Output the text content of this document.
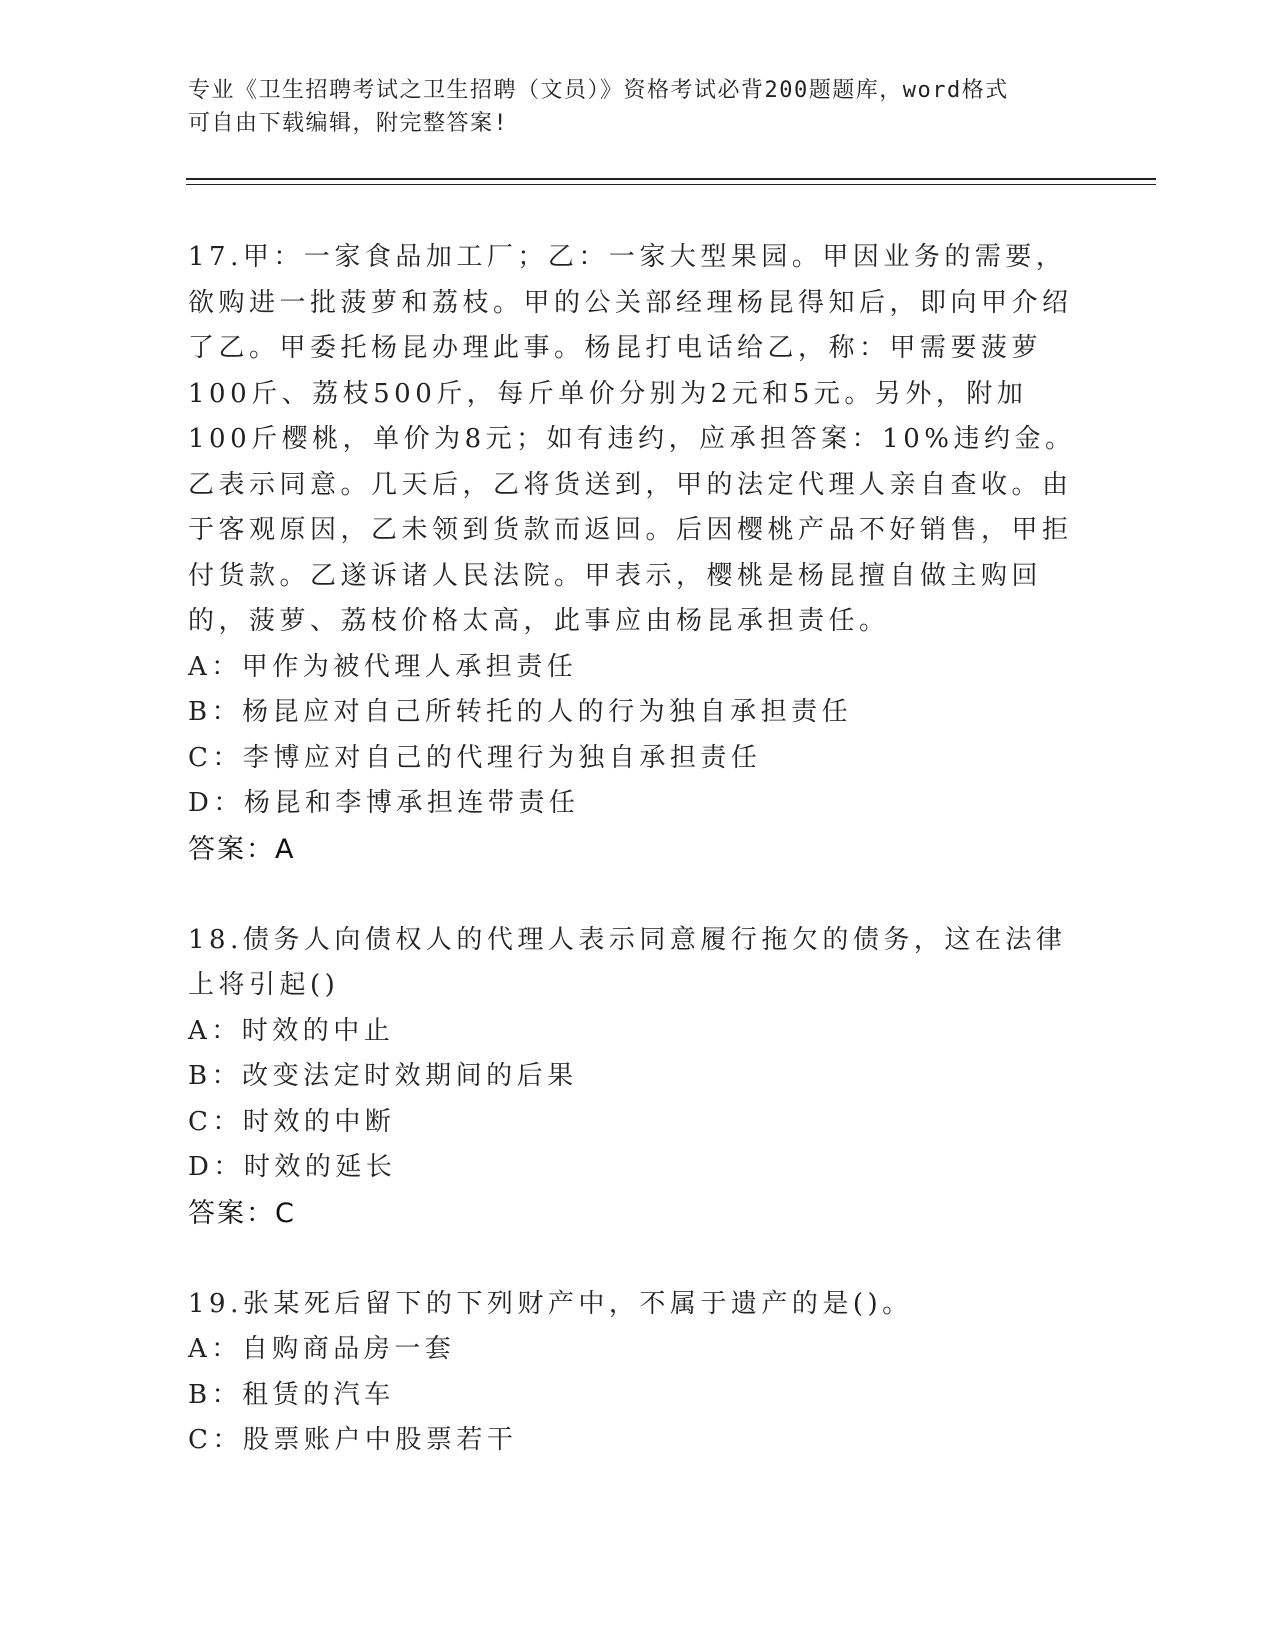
专业《卫生招聘考试之卫生招聘（文员）》资格考试必背200题题库，word格式
可自由下载编辑，附完整答案!
17.甲：一家食品加工厂；乙：一家大型果园。甲因业务的需要，欲购进一批菠萝和荔枝。甲的公关部经理杨昆得知后，即向甲介绍了乙。甲委托杨昆办理此事。杨昆打电话给乙，称：甲需要菠萝100斤、荔枝500斤，每斤单价分别为2元和5元。另外，附加100斤樱桃，单价为8元；如有违约，应承担答案：10%违约金。乙表示同意。几天后，乙将货送到，甲的法定代理人亲自查收。由于客观原因，乙未领到货款而返回。后因樱桃产品不好销售，甲拒付货款。乙遂诉诸人民法院。甲表示，樱桃是杨昆擅自做主购回的，菠萝、荔枝价格太高，此事应由杨昆承担责任。
A：甲作为被代理人承担责任
B：杨昆应对自己所转托的人的行为独自承担责任
C：李博应对自己的代理行为独自承担责任
D：杨昆和李博承担连带责任
答案：A
18.债务人向债权人的代理人表示同意履行拖欠的债务，这在法律上将引起()
A：时效的中止
B：改变法定时效期间的后果
C：时效的中断
D：时效的延长
答案：C
19.张某死后留下的下列财产中，不属于遗产的是()。
A：自购商品房一套
B：租赁的汽车
C：股票账户中股票若干
